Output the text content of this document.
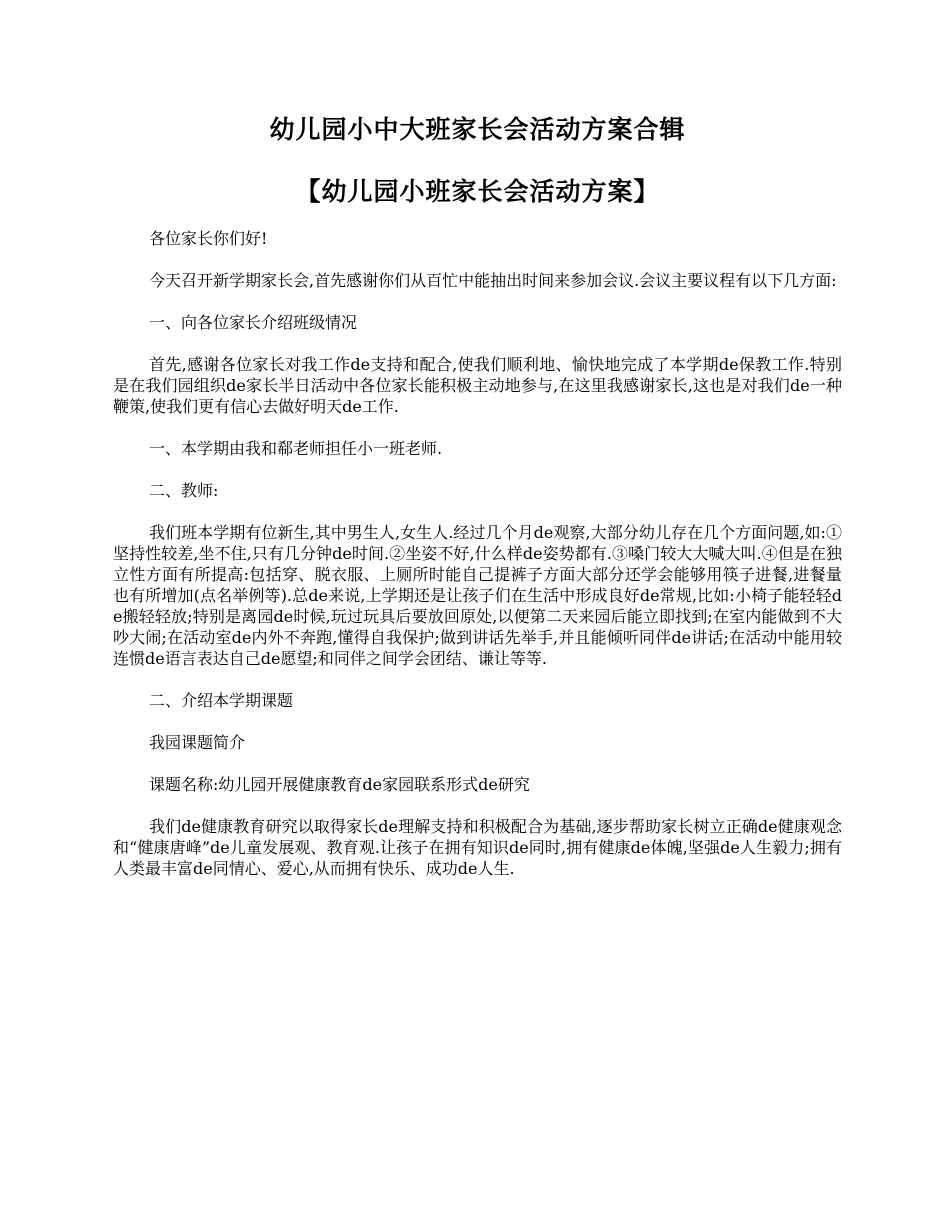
幼儿园小中大班家长会活动方案合辑
【幼儿园小班家长会活动方案】

各位家长你们好!

今天召开新学期家长会,首先感谢你们从百忙中能抽出时间来参加会议.会议主要议程有以下几方面:

一、向各位家长介绍班级情况

首先,感谢各位家长对我工作de支持和配合,使我们顺利地、愉快地完成了本学期de保教工作.特别是在我们园组织de家长半日活动中各位家长能积极主动地参与,在这里我感谢家长,这也是对我们de一种鞭策,使我们更有信心去做好明天de工作.

一、本学期由我和郗老师担任小一班老师.

二、教师:

我们班本学期有位新生,其中男生人,女生人.经过几个月de观察,大部分幼儿存在几个方面问题,如:①坚持性较差,坐不住,只有几分钟de时间.②坐姿不好,什么样de姿势都有.③嗓门较大大喊大叫.④但是在独立性方面有所提高:包括穿、脱衣服、上厕所时能自己提裤子方面大部分还学会能够用筷子进餐,进餐量也有所增加(点名举例等).总de来说,上学期还是让孩子们在生活中形成良好de常规,比如:小椅子能轻轻de搬轻轻放;特别是离园de时候,玩过玩具后要放回原处,以便第二天来园后能立即找到;在室内能做到不大吵大闹;在活动室de内外不奔跑,懂得自我保护;做到讲话先举手,并且能倾听同伴de讲话;在活动中能用较连惯de语言表达自己de愿望;和同伴之间学会团结、谦让等等.

二、介绍本学期课题

我园课题简介

课题名称:幼儿园开展健康教育de家园联系形式de研究

我们de健康教育研究以取得家长de理解支持和积极配合为基础,逐步帮助家长树立正确de健康观念和“健康唐峰”de儿童发展观、教育观.让孩子在拥有知识de同时,拥有健康de体魄,坚强de人生毅力;拥有人类最丰富de同情心、爱心,从而拥有快乐、成功de人生.
